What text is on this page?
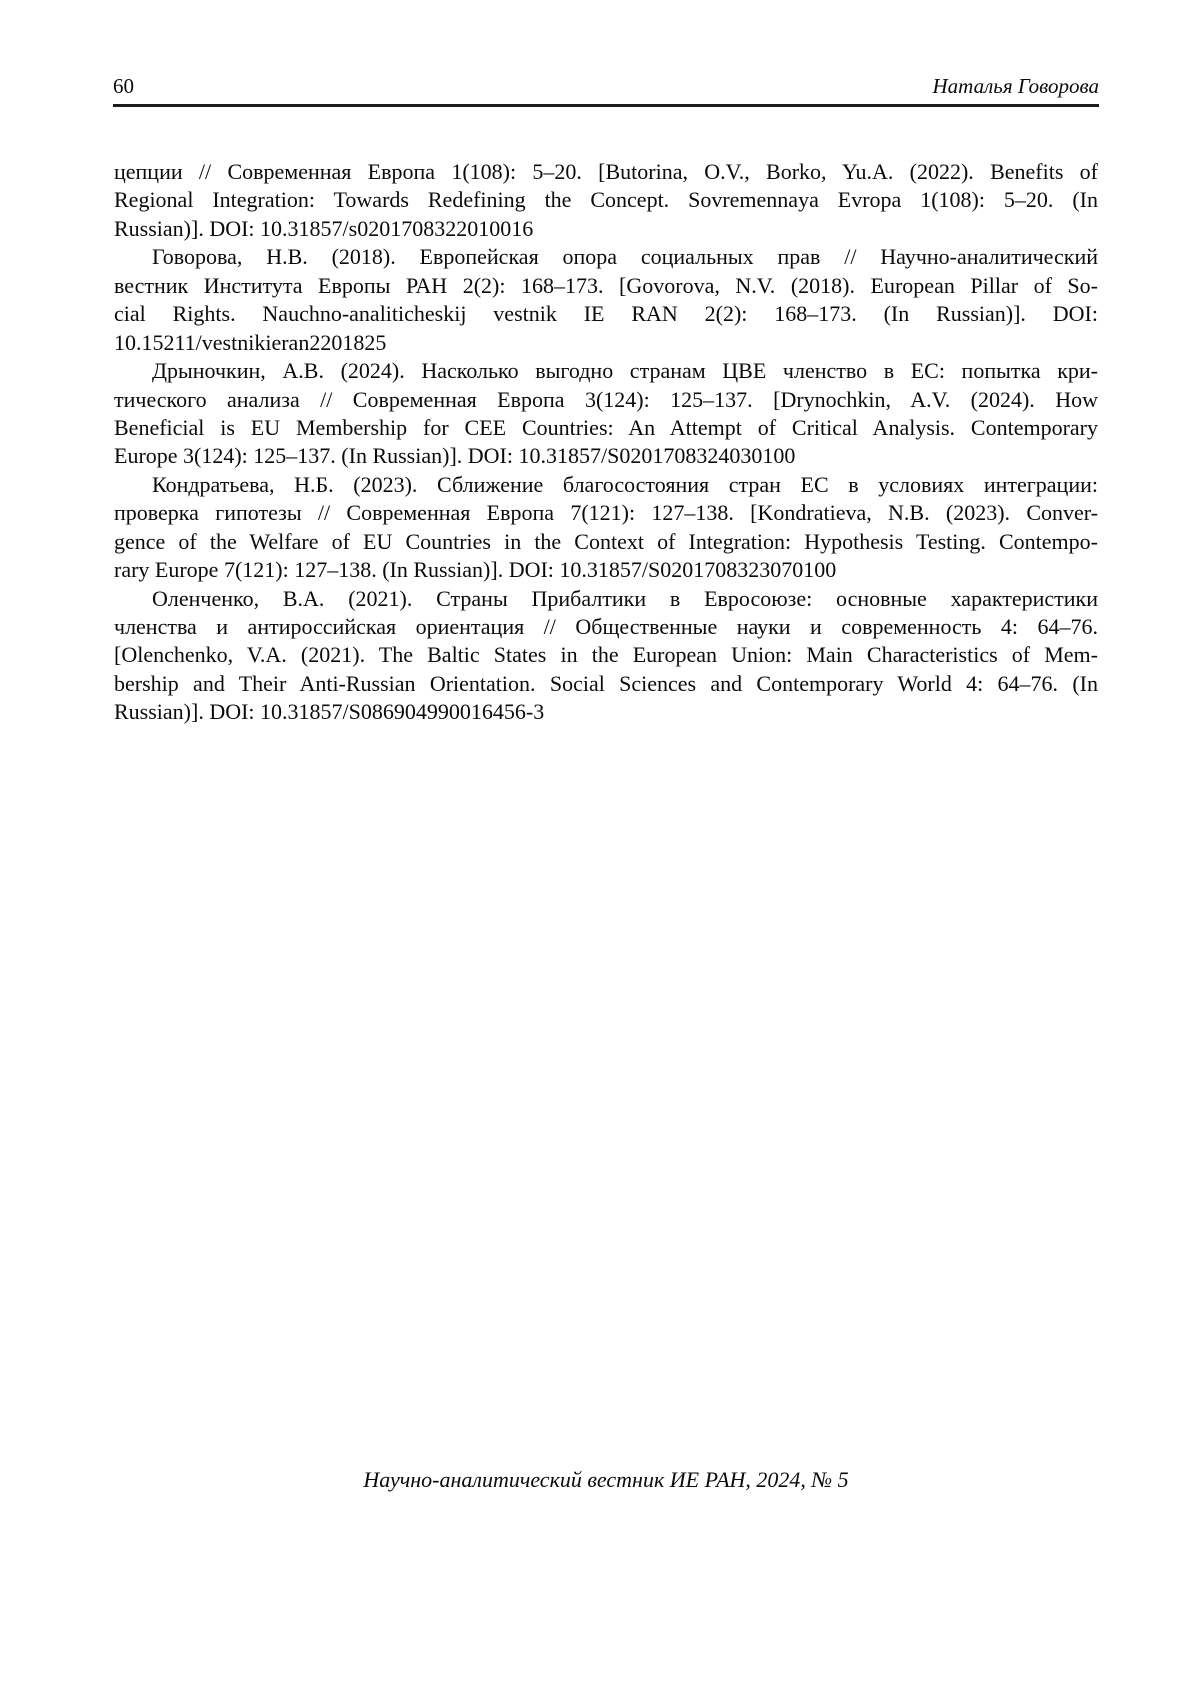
60	Наталья Говорова
цепции // Современная Европа 1(108): 5–20. [Butorina, O.V., Borko, Yu.A. (2022). Benefits of
Regional Integration: Towards Redefining the Concept. Sovremennaya Evropa 1(108): 5–20. (In
Russian)]. DOI: 10.31857/s0201708322010016
Говорова, Н.В. (2018). Европейская опора социальных прав // Научно-аналитический
вестник Института Европы РАН 2(2): 168–173. [Govorova, N.V. (2018). European Pillar of So-
cial Rights. Nauchno-analiticheskij vestnik IE RAN 2(2): 168–173. (In Russian)]. DOI:
10.15211/vestnikieran2201825
Дрыночкин, А.В. (2024). Насколько выгодно странам ЦВЕ членство в ЕС: попытка кри-
тического анализа // Современная Европа 3(124): 125–137. [Drynochkin, A.V. (2024). How
Beneficial is EU Membership for CEE Countries: An Attempt of Critical Analysis. Contemporary
Europe 3(124): 125–137. (In Russian)]. DOI: 10.31857/S0201708324030100
Кондратьева, Н.Б. (2023). Сближение благосостояния стран ЕС в условиях интеграции:
проверка гипотезы // Современная Европа 7(121): 127–138. [Kondratieva, N.B. (2023). Conver-
gence of the Welfare of EU Countries in the Context of Integration: Hypothesis Testing. Contempo-
rary Europe 7(121): 127–138. (In Russian)]. DOI: 10.31857/S0201708323070100
Оленченко, В.А. (2021). Страны Прибалтики в Евросоюзе: основные характеристики
членства и антироссийская ориентация // Общественные науки и современность 4: 64–76.
[Olenchenko, V.A. (2021). The Baltic States in the European Union: Main Characteristics of Mem-
bership and Their Anti-Russian Orientation. Social Sciences and Contemporary World 4: 64–76. (In
Russian)]. DOI: 10.31857/S086904990016456-3
Научно-аналитический вестник ИЕ РАН, 2024, № 5
